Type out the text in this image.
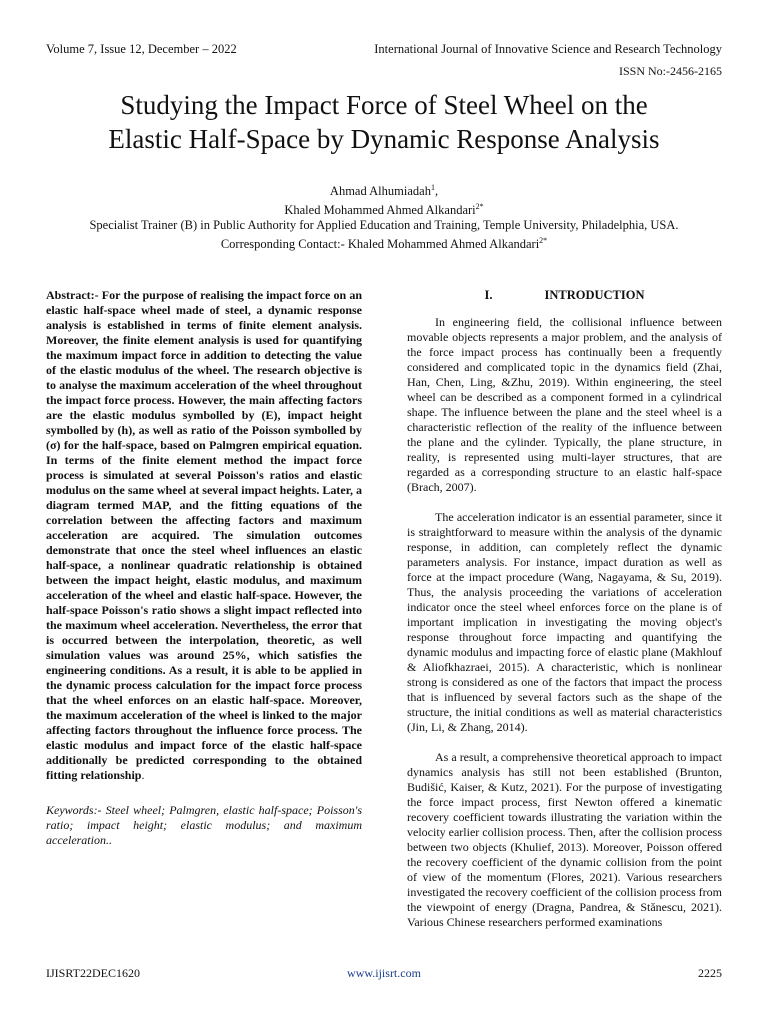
Volume 7, Issue 12, December – 2022	International Journal of Innovative Science and Research Technology
ISSN No:-2456-2165
Studying the Impact Force of Steel Wheel on the
Elastic Half-Space by Dynamic Response Analysis
Ahmad Alhumiadah$^1$,
Khaled Mohammed Ahmed Alkandari$^{2*}$
Specialist Trainer (B) in Public Authority for Applied Education and Training, Temple University, Philadelphia, USA.
Corresponding Contact:- Khaled Mohammed Ahmed Alkandari$^{2*}$

Abstract:- For the purpose of realising the impact force on an elastic half-space wheel made of steel, a dynamic response analysis is established in terms of finite element analysis. Moreover, the finite element analysis is used for quantifying the maximum impact force in addition to detecting the value of the elastic modulus of the wheel. The research objective is to analyse the maximum acceleration of the wheel throughout the impact force process. However, the main affecting factors are the elastic modulus symbolled by (E), impact height symbolled by (h), as well as ratio of the Poisson symbolled by (σ) for the half-space, based on Palmgren empirical equation. In terms of the finite element method the impact force process is simulated at several Poisson's ratios and elastic modulus on the same wheel at several impact heights. Later, a diagram termed MAP, and the fitting equations of the correlation between the affecting factors and maximum acceleration are acquired. The simulation outcomes demonstrate that once the steel wheel influences an elastic half-space, a nonlinear quadratic relationship is obtained between the impact height, elastic modulus, and maximum acceleration of the wheel and elastic half-space. However, the half-space Poisson's ratio shows a slight impact reflected into the maximum wheel acceleration. Nevertheless, the error that is occurred between the interpolation, theoretic, as well simulation values was around 25%, which satisfies the engineering conditions. As a result, it is able to be applied in the dynamic process calculation for the impact force process that the wheel enforces on an elastic half-space. Moreover, the maximum acceleration of the wheel is linked to the major affecting factors throughout the influence force process. The elastic modulus and impact force of the elastic half-space additionally be predicted corresponding to the obtained fitting relationship.

Keywords:- Steel wheel; Palmgren, elastic half-space; Poisson's ratio; impact height; elastic modulus; and maximum acceleration..

I.	INTRODUCTION

In engineering field, the collisional influence between movable objects represents a major problem, and the analysis of the force impact process has continually been a frequently considered and complicated topic in the dynamics field (Zhai, Han, Chen, Ling, &Zhu, 2019). Within engineering, the steel wheel can be described as a component formed in a cylindrical shape. The influence between the plane and the steel wheel is a characteristic reflection of the reality of the influence between the plane and the cylinder. Typically, the plane structure, in reality, is represented using multi-layer structures, that are regarded as a corresponding structure to an elastic half-space (Brach, 2007).

The acceleration indicator is an essential parameter, since it is straightforward to measure within the analysis of the dynamic response, in addition, can completely reflect the dynamic parameters analysis. For instance, impact duration as well as force at the impact procedure (Wang, Nagayama, & Su, 2019). Thus, the analysis proceeding the variations of acceleration indicator once the steel wheel enforces force on the plane is of important implication in investigating the moving object's response throughout force impacting and quantifying the dynamic modulus and impacting force of elastic plane (Makhlouf & Aliofkhazraei, 2015). A characteristic, which is nonlinear strong is considered as one of the factors that impact the process that is influenced by several factors such as the shape of the structure, the initial conditions as well as material characteristics (Jin, Li, & Zhang, 2014).

As a result, a comprehensive theoretical approach to impact dynamics analysis has still not been established (Brunton, Budišić, Kaiser, & Kutz, 2021). For the purpose of investigating the force impact process, first Newton offered a kinematic recovery coefficient towards illustrating the variation within the velocity earlier collision process. Then, after the collision process between two objects (Khulief, 2013). Moreover, Poisson offered the recovery coefficient of the dynamic collision from the point of view of the momentum (Flores, 2021). Various researchers investigated the recovery coefficient of the collision process from the viewpoint of energy (Dragna, Pandrea, & Stănescu, 2021). Various Chinese researchers performed examinations

IJISRT22DEC1620	www.ijisrt.com	2225
